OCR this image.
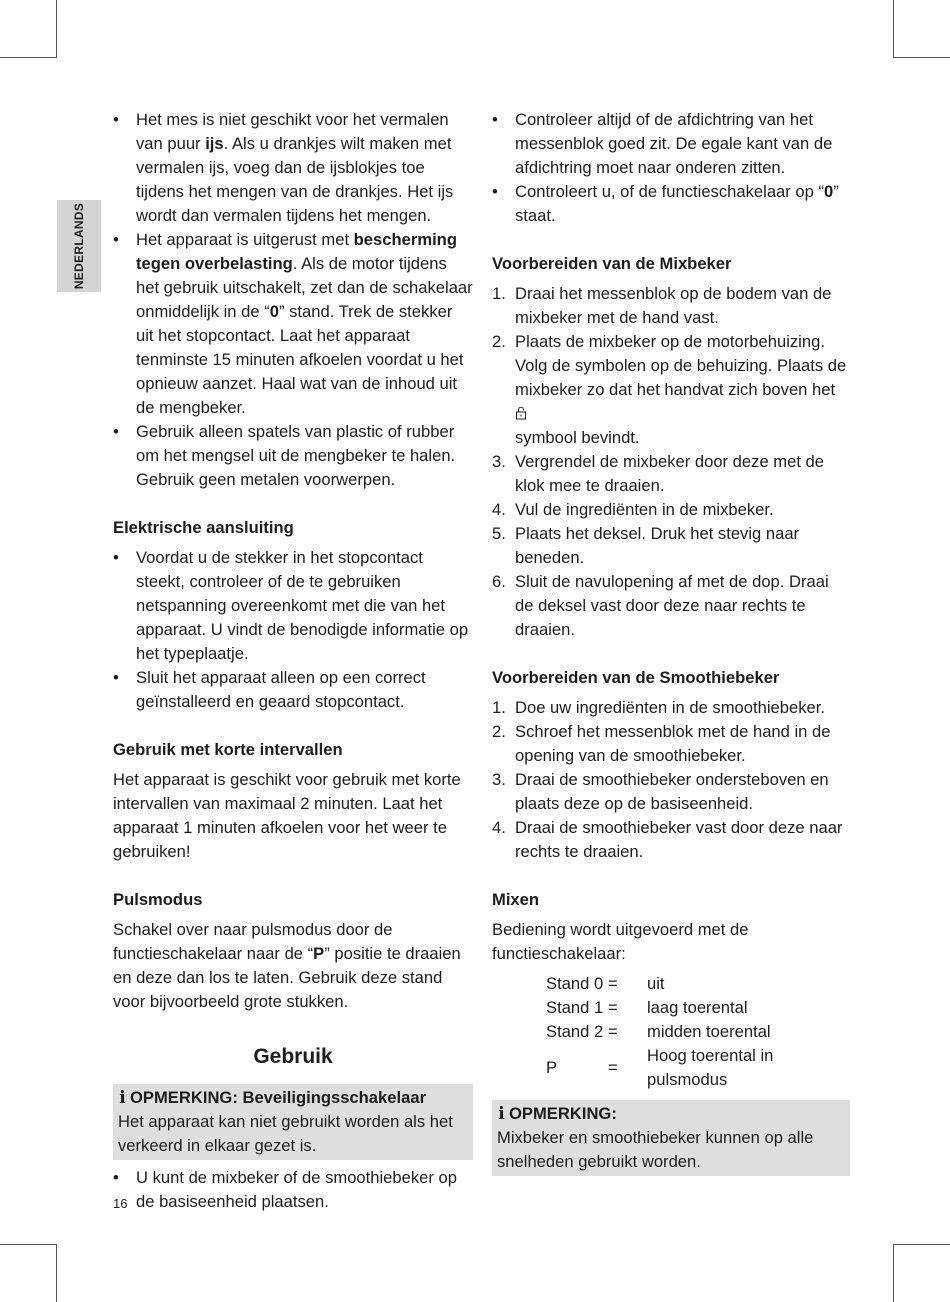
NEDERLANDS
• Het mes is niet geschikt voor het vermalen van puur ijs. Als u drankjes wilt maken met vermalen ijs, voeg dan de ijsblokjes toe tijdens het mengen van de drankjes. Het ijs wordt dan vermalen tijdens het mengen.
• Het apparaat is uitgerust met bescherming tegen overbelasting. Als de motor tijdens het gebruik uitschakelt, zet dan de schakelaar onmiddelijk in de “0” stand. Trek de stekker uit het stopcontact. Laat het apparaat tenminste 15 minuten afkoelen voordat u het opnieuw aanzet. Haal wat van de inhoud uit de mengbeker.
• Gebruik alleen spatels van plastic of rubber om het mengsel uit de mengbeker te halen. Gebruik geen metalen voorwerpen.
Elektrische aansluiting
• Voordat u de stekker in het stopcontact steekt, controleer of de te gebruiken netspanning overeenkomt met die van het apparaat. U vindt de benodigde informatie op het typeplaatje.
• Sluit het apparaat alleen op een correct geïnstalleerd en geaard stopcontact.
Gebruik met korte intervallen

Het apparaat is geschikt voor gebruik met korte intervallen van maximaal 2 minuten. Laat het apparaat 1 minuten afkoelen voor het weer te gebruiken!

Pulsmodus

Schakel over naar pulsmodus door de functieschakelaar naar de “P” positie te draaien en deze dan los te laten. Gebruik deze stand voor bijvoorbeeld grote stukken.

Gebruik
i OPMERKING: Beveiligingsschakelaar
Het apparaat kan niet gebruikt worden als het verkeerd in elkaar gezet is.
• U kunt de mixbeker of de smoothiebeker op de basiseenheid plaatsen.
• Controleer altijd of de afdichtring van het messenblok goed zit. De egale kant van de afdichtring moet naar onderen zitten.
• Controleert u, of de functieschakelaar op “0” staat.
Voorbereiden van de Mixbeker
1. Draai het messenblok op de bodem van de mixbeker met de hand vast.
2. Plaats de mixbeker op de motorbehuizing. Volg de symbolen op de behuizing. Plaats de mixbeker zo dat het handvat zich boven het
symbool bevindt.
3. Vergrendel de mixbeker door deze met de klok mee te draaien.
4. Vul de ingrediënten in de mixbeker.
5. Plaats het deksel. Druk het stevig naar beneden.
6. Sluit de navulopening af met de dop. Draai de deksel vast door deze naar rechts te draaien.
Voorbereiden van de Smoothiebeker
1. Doe uw ingrediënten in de smoothiebeker.
2. Schroef het messenblok met de hand in de opening van de smoothiebeker.
3. Draai de smoothiebeker ondersteboven en plaats deze op de basiseenheid.
4. Draai de smoothiebeker vast door deze naar rechts te draaien.
Mixen

Bediening wordt uitgevoerd met de functieschakelaar:

Stand 0	=	uit
Stand 1	=	laag toerental
Stand 2	=	midden toerental
P	=	Hoog toerental in pulsmodus
i OPMERKING:
Mixbeker en smoothiebeker kunnen op alle snelheden gebruikt worden.
16
